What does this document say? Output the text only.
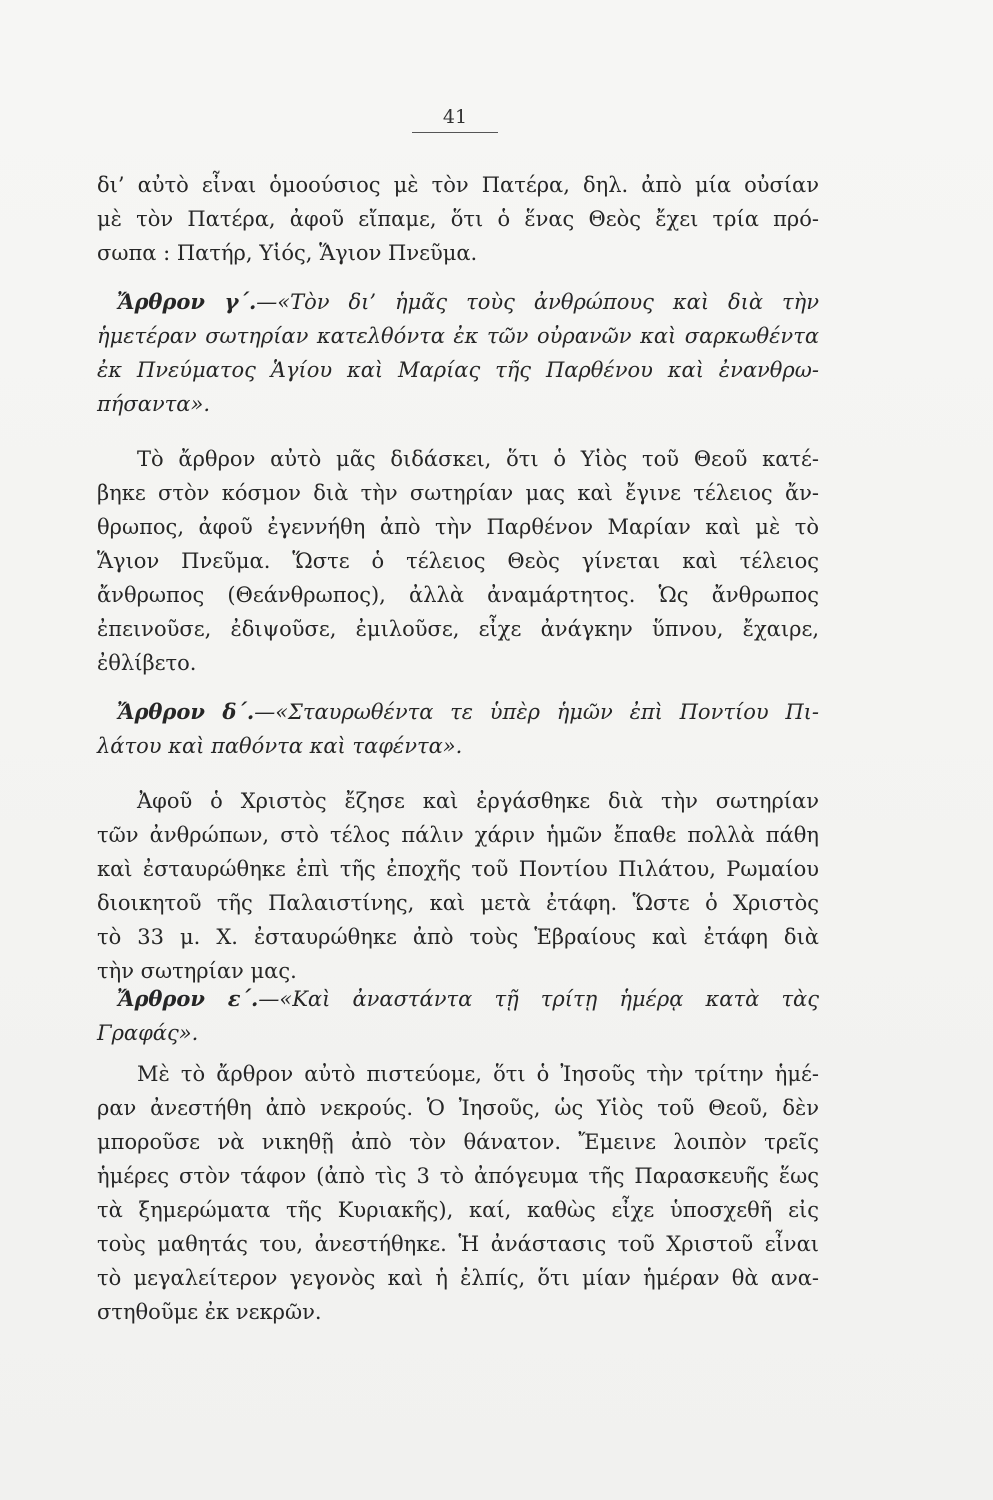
41
δι’ αὐτὸ εἶναι ὁμοούσιος μὲ τὸν Πατέρα, δηλ. ἀπὸ μία οὐσίαν
μὲ τὸν Πατέρα, ἀφοῦ εἴπαμε, ὅτι ὁ ἕνας Θεὸς ἔχει τρία πρό-
σωπα : Πατήρ, Υἱός, Ἅγιον Πνεῦμα.
Ἄρθρον γ΄.—«Τὸν δι’ ἡμᾶς τοὺς ἀνθρώπους καὶ διὰ τὴν
ἡμετέραν σωτηρίαν κατελθόντα ἐκ τῶν οὐρανῶν καὶ σαρκωθέντα
ἐκ Πνεύματος Ἁγίου καὶ Μαρίας τῆς Παρθένου καὶ ἐνανθρω-
πήσαντα».
Τὸ ἄρθρον αὐτὸ μᾶς διδάσκει, ὅτι ὁ Υἱὸς τοῦ Θεοῦ κατέ-
βηκε στὸν κόσμον διὰ τὴν σωτηρίαν μας καὶ ἔγινε τέλειος ἄν-
θρωπος, ἀφοῦ ἐγεννήθη ἀπὸ τὴν Παρθένον Μαρίαν καὶ μὲ τὸ
Ἅγιον Πνεῦμα. Ὥστε ὁ τέλειος Θεὸς γίνεται καὶ τέλειος
ἄνθρωπος (Θεάνθρωπος), ἀλλὰ ἀναμάρτητος. Ὡς ἄνθρωπος
ἐπεινοῦσε, ἐδιψοῦσε, ἐμιλοῦσε, εἶχε ἀνάγκην ὕπνου, ἔχαιρε,
ἐθλίβετο.
Ἄρθρον δ΄.—«Σταυρωθέντα τε ὑπὲρ ἡμῶν ἐπὶ Ποντίου Πι-
λάτου καὶ παθόντα καὶ ταφέντα».
Ἀφοῦ ὁ Χριστὸς ἔζησε καὶ ἐργάσθηκε διὰ τὴν σωτηρίαν
τῶν ἀνθρώπων, στὸ τέλος πάλιν χάριν ἡμῶν ἔπαθε πολλὰ πάθη
καὶ ἐσταυρώθηκε ἐπὶ τῆς ἐποχῆς τοῦ Ποντίου Πιλάτου, Ρωμαίου
διοικητοῦ τῆς Παλαιστίνης, καὶ μετὰ ἐτάφη. Ὥστε ὁ Χριστὸς
τὸ 33 μ. Χ. ἐσταυρώθηκε ἀπὸ τοὺς Ἑβραίους καὶ ἐτάφη διὰ
τὴν σωτηρίαν μας.
Ἄρθρον ε΄.—«Καὶ ἀναστάντα τῇ τρίτῃ ἡμέρᾳ κατὰ τὰς
Γραφάς».
Μὲ τὸ ἄρθρον αὐτὸ πιστεύομε, ὅτι ὁ Ἰησοῦς τὴν τρίτην ἡμέ-
ραν ἀνεστήθη ἀπὸ νεκρούς. Ὁ Ἰησοῦς, ὡς Υἱὸς τοῦ Θεοῦ, δὲν
μποροῦσε νὰ νικηθῇ ἀπὸ τὸν θάνατον. Ἔμεινε λοιπὸν τρεῖς
ἡμέρες στὸν τάφον (ἀπὸ τὶς 3 τὸ ἀπόγευμα τῆς Παρασκευῆς ἕως
τὰ ξημερώματα τῆς Κυριακῆς), καί, καθὼς εἶχε ὑποσχεθῆ εἰς
τοὺς μαθητάς του, ἀνεστήθηκε. Ἡ ἀνάστασις τοῦ Χριστοῦ εἶναι
τὸ μεγαλείτερον γεγονὸς καὶ ἡ ἐλπίς, ὅτι μίαν ἡμέραν θὰ ανα-
στηθοῦμε ἐκ νεκρῶν.
